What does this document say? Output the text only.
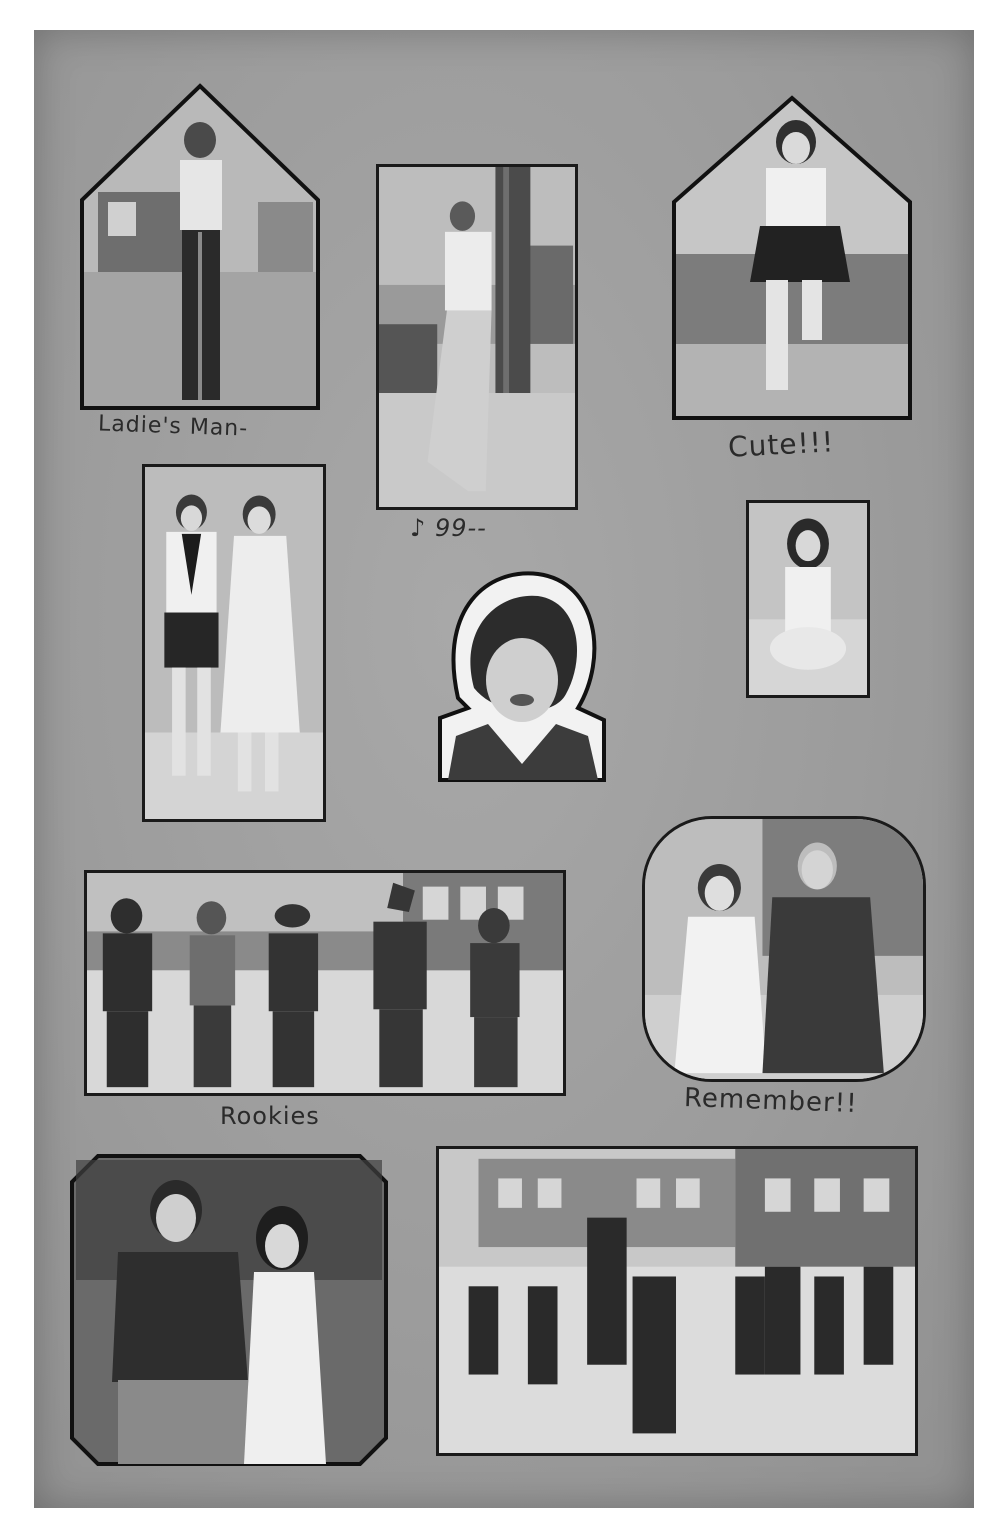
Ladie's Man-
♪ 99--
Cute!!!
Rookies	Remember!!
